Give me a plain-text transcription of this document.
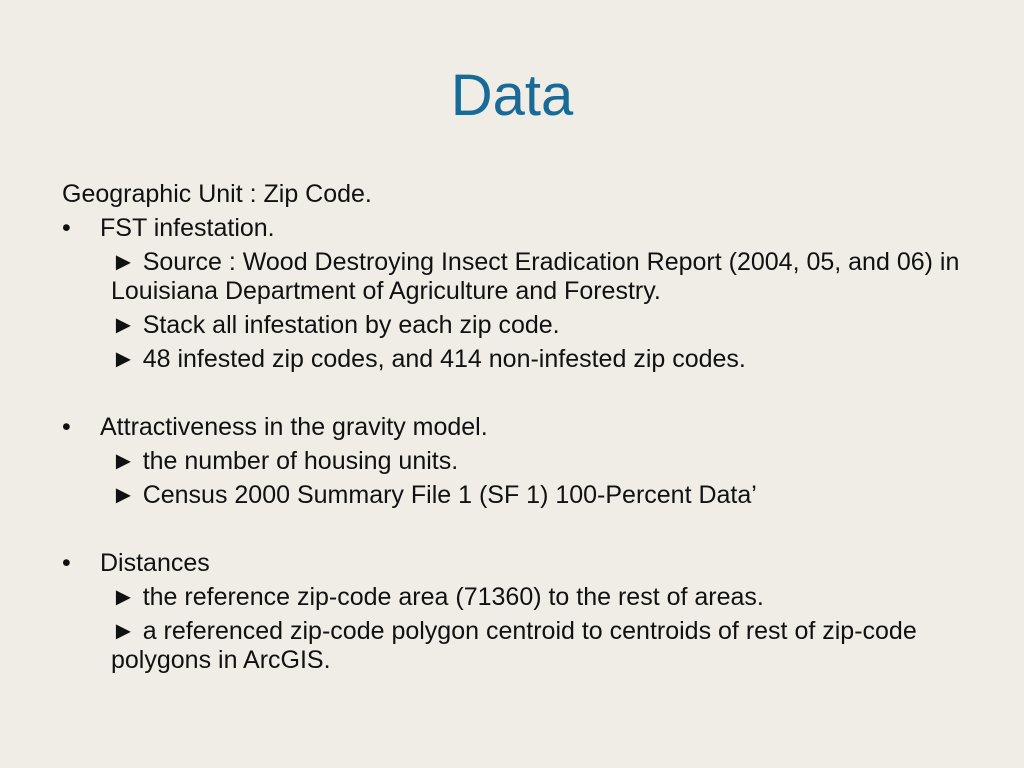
Data
Geographic Unit : Zip Code.
•	FST infestation.
► Source : Wood Destroying Insect Eradication Report (2004, 05, and 06) in Louisiana Department of Agriculture and Forestry.
► Stack all infestation by each zip code.
► 48 infested zip codes, and 414 non-infested zip codes.
•	Attractiveness in the gravity model.
► the number of housing units.
► Census 2000 Summary File 1 (SF 1) 100-Percent Data’
•	Distances
► the reference zip-code area (71360) to the rest of areas.
► a referenced zip-code polygon centroid to centroids of rest of zip-code polygons in ArcGIS.
